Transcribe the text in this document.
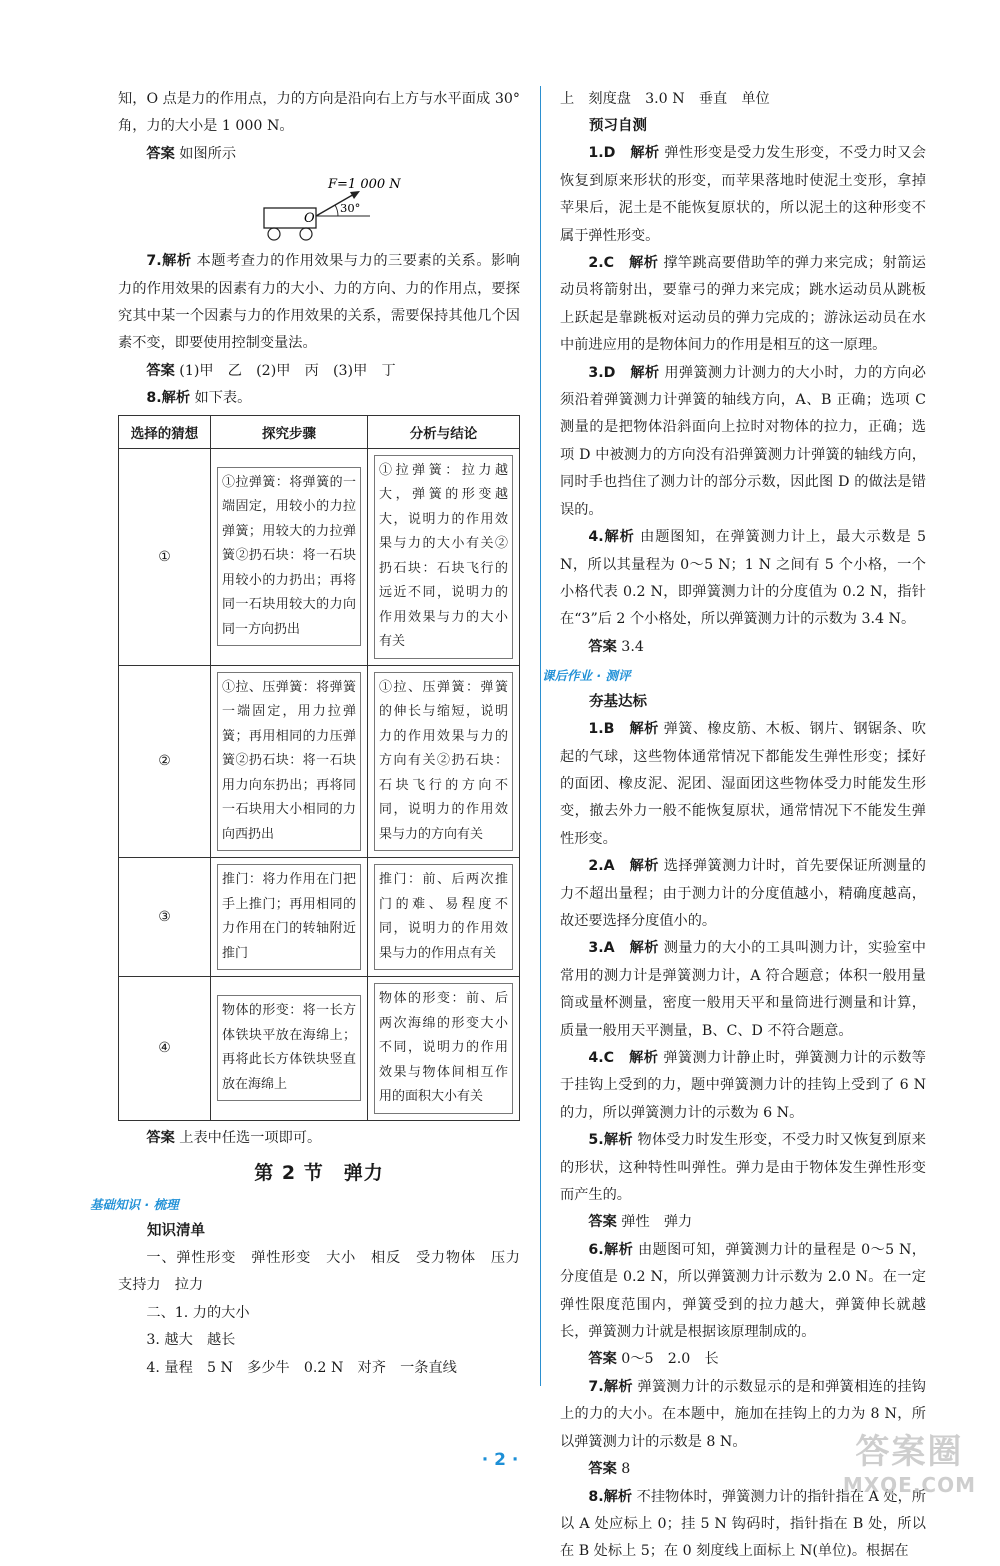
知，O 点是力的作用点，力的方向是沿向右上方与水平面成 30°角，力的大小是 1 000 N。

答案 如图所示

F=1 000 N
O
30°

7.解析 本题考查力的作用效果与力的三要素的关系。影响力的作用效果的因素有力的大小、力的方向、力的作用点，要探究其中某一个因素与力的作用效果的关系，需要保持其他几个因素不变，即要使用控制变量法。

答案 (1)甲　乙　(2)甲　丙　(3)甲　丁

8.解析 如下表。

选择的猜想	探究步骤	分析与结论
①	①拉弹簧：将弹簧的一端固定，用较小的力拉弹簧；用较大的力拉弹簧②扔石块：将一石块用较小的力扔出；再将同一石块用较大的力向同一方向扔出	①拉弹簧：拉力越大，弹簧的形变越大，说明力的作用效果与力的大小有关②扔石块：石块飞行的远近不同，说明力的作用效果与力的大小有关

②	①拉、压弹簧：将弹簧一端固定，用力拉弹簧；再用相同的力压弹簧②扔石块：将一石块用力向东扔出；再将同一石块用大小相同的力向西扔出	①拉、压弹簧：弹簧的伸长与缩短，说明力的作用效果与力的方向有关②扔石块：石块飞行的方向不同，说明力的作用效果与力的方向有关

③	推门：将力作用在门把手上推门；再用相同的力作用在门的转轴附近推门	推门：前、后两次推门的难、易程度不同，说明力的作用效果与力的作用点有关

④	物体的形变：将一长方体铁块平放在海绵上；再将此长方体铁块竖直放在海绵上	物体的形变：前、后两次海绵的形变大小不同，说明力的作用效果与物体间相互作用的面积大小有关

答案 上表中任选一项即可。

第 2 节 弹力
基础知识 · 梳理
知识清单

一、弹性形变　弹性形变　大小　相反　受力物体　压力　支持力　拉力

二、1. 力的大小

3. 越大　越长

4. 量程　5 N　多少牛　0.2 N　对齐　一条直线

上　刻度盘　3.0 N　垂直　单位

预习自测

1.D　解析 弹性形变是受力发生形变，不受力时又会恢复到原来形状的形变，而苹果落地时使泥土变形，拿掉苹果后，泥土是不能恢复原状的，所以泥土的这种形变不属于弹性形变。

2.C　解析 撑竿跳高要借助竿的弹力来完成；射箭运动员将箭射出，要靠弓的弹力来完成；跳水运动员从跳板上跃起是靠跳板对运动员的弹力完成的；游泳运动员在水中前进应用的是物体间力的作用是相互的这一原理。

3.D　解析 用弹簧测力计测力的大小时，力的方向必须沿着弹簧测力计弹簧的轴线方向，A、B 正确；选项 C 测量的是把物体沿斜面向上拉时对物体的拉力，正确；选项 D 中被测力的方向没有沿弹簧测力计弹簧的轴线方向，同时手也挡住了测力计的部分示数，因此图 D 的做法是错误的。

4.解析 由题图知，在弹簧测力计上，最大示数是 5 N，所以其量程为 0～5 N；1 N 之间有 5 个小格，一个小格代表 0.2 N，即弹簧测力计的分度值为 0.2 N，指针在“3”后 2 个小格处，所以弹簧测力计的示数为 3.4 N。

答案 3.4

课后作业 · 测评
夯基达标

1.B　解析 弹簧、橡皮筋、木板、钢片、钢锯条、吹起的气球，这些物体通常情况下都能发生弹性形变；揉好的面团、橡皮泥、泥团、湿面团这些物体受力时能发生形变，撤去外力一般不能恢复原状，通常情况下不能发生弹性形变。

2.A　解析 选择弹簧测力计时，首先要保证所测量的力不超出量程；由于测力计的分度值越小，精确度越高，故还要选择分度值小的。

3.A　解析 测量力的大小的工具叫测力计，实验室中常用的测力计是弹簧测力计，A 符合题意；体积一般用量筒或量杯测量，密度一般用天平和量筒进行测量和计算，质量一般用天平测量，B、C、D 不符合题意。

4.C　解析 弹簧测力计静止时，弹簧测力计的示数等于挂钩上受到的力，题中弹簧测力计的挂钩上受到了 6 N 的力，所以弹簧测力计的示数为 6 N。

5.解析 物体受力时发生形变，不受力时又恢复到原来的形状，这种特性叫弹性。弹力是由于物体发生弹性形变而产生的。

答案 弹性　弹力

6.解析 由题图可知，弹簧测力计的量程是 0～5 N，分度值是 0.2 N，所以弹簧测力计示数为 2.0 N。在一定弹性限度范围内，弹簧受到的拉力越大，弹簧伸长就越长，弹簧测力计就是根据该原理制成的。

答案 0～5　2.0　长

7.解析 弹簧测力计的示数显示的是和弹簧相连的挂钩上的力的大小。在本题中，施加在挂钩上的力为 8 N，所以弹簧测力计的示数是 8 N。

答案 8

8.解析 不挂物体时，弹簧测力计的指针指在 A 处，所以 A 处应标上 0；挂 5 N 钩码时，指针指在 B 处，所以在 B 处标上 5；在 0 刻度线上面标上 N(单位)。根据在

· 2 ·	答案圈
MXQE.COM
